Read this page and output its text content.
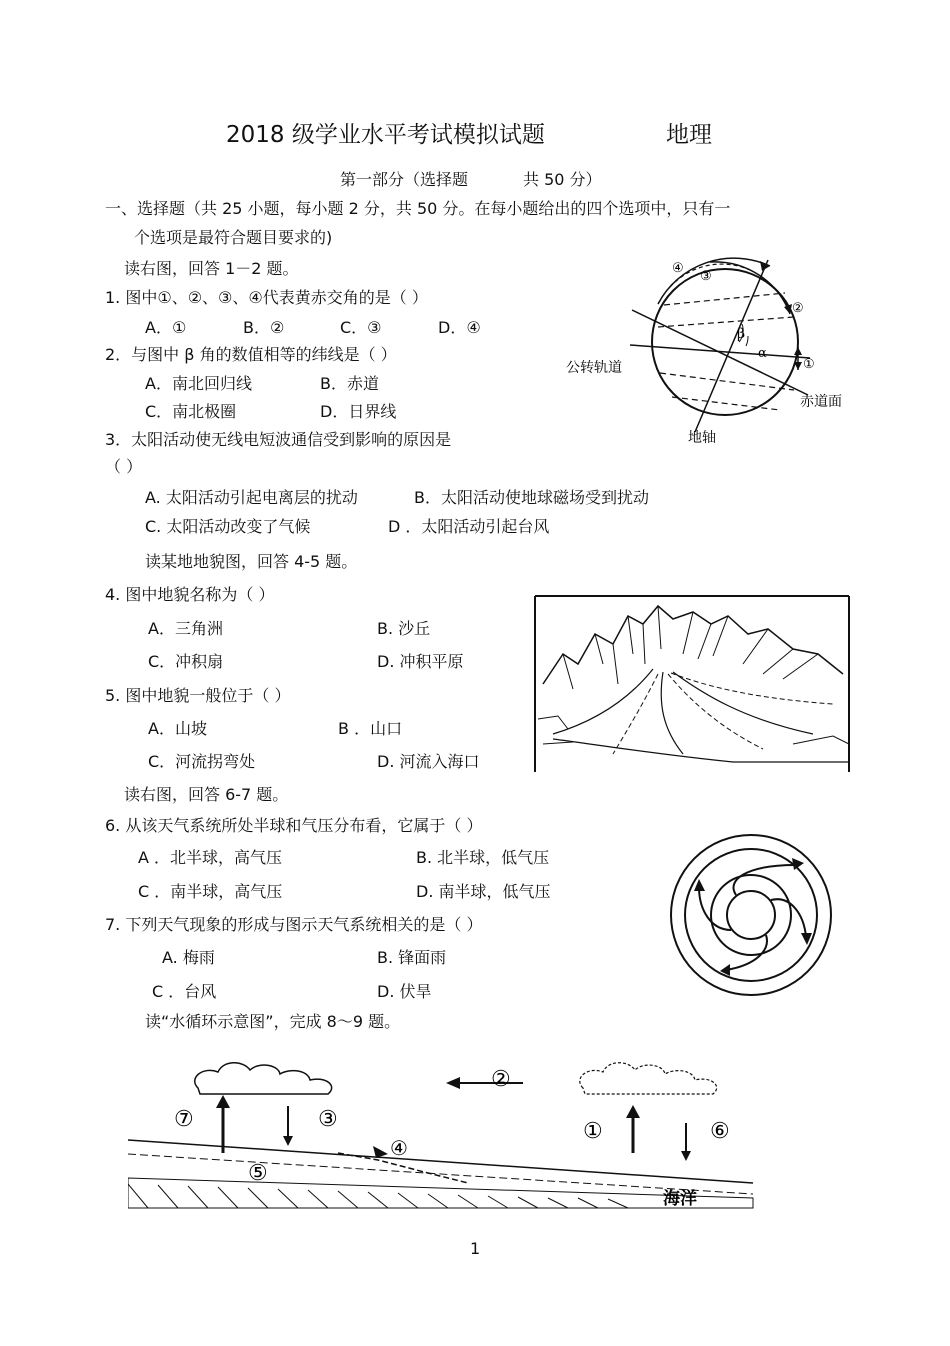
2018 级学业水平考试模拟试题	地理
第一部分（选择题	共 50 分）
一、选择题（共 25 小题，每小题 2 分，共 50 分。在每小题给出的四个选项中，只有一
个选项是最符合题目要求的)
读右图，回答 1－2 题。
1. 图中①、②、③、④代表黄赤交角的是（ ）
A．①	B．②	C．③	D．④
2．与图中 β 角的数值相等的纬线是（ ）
A．南北回归线	B．赤道
C．南北极圈	D．日界线
3．太阳活动使无线电短波通信受到影响的原因是
（ ）
A. 太阳活动引起电离层的扰动	B．太阳活动使地球磁场受到扰动
C. 太阳活动改变了气候	D ．太阳活动引起台风
读某地地貌图，回答 4-5 题。
4. 图中地貌名称为（ ）
A．三角洲	B. 沙丘
C．冲积扇	D. 冲积平原
5. 图中地貌一般位于（ ）
A．山坡	B ．山口
C．河流拐弯处	D. 河流入海口
读右图，回答 6-7 题。
6. 从该天气系统所处半球和气压分布看，它属于（ ）
A ．北半球，高气压	B. 北半球，低气压
C ．南半球，高气压	D. 南半球，低气压
7. 下列天气现象的形成与图示天气系统相关的是（ ）
A. 梅雨	B. 锋面雨
C ．台风	D. 伏旱
读“水循环示意图”，完成 8～9 题。
④
③
②
①
β
α
公转轨道
赤道面
地轴
⑦	③
②
①	⑥
④
⑤
海洋
1
